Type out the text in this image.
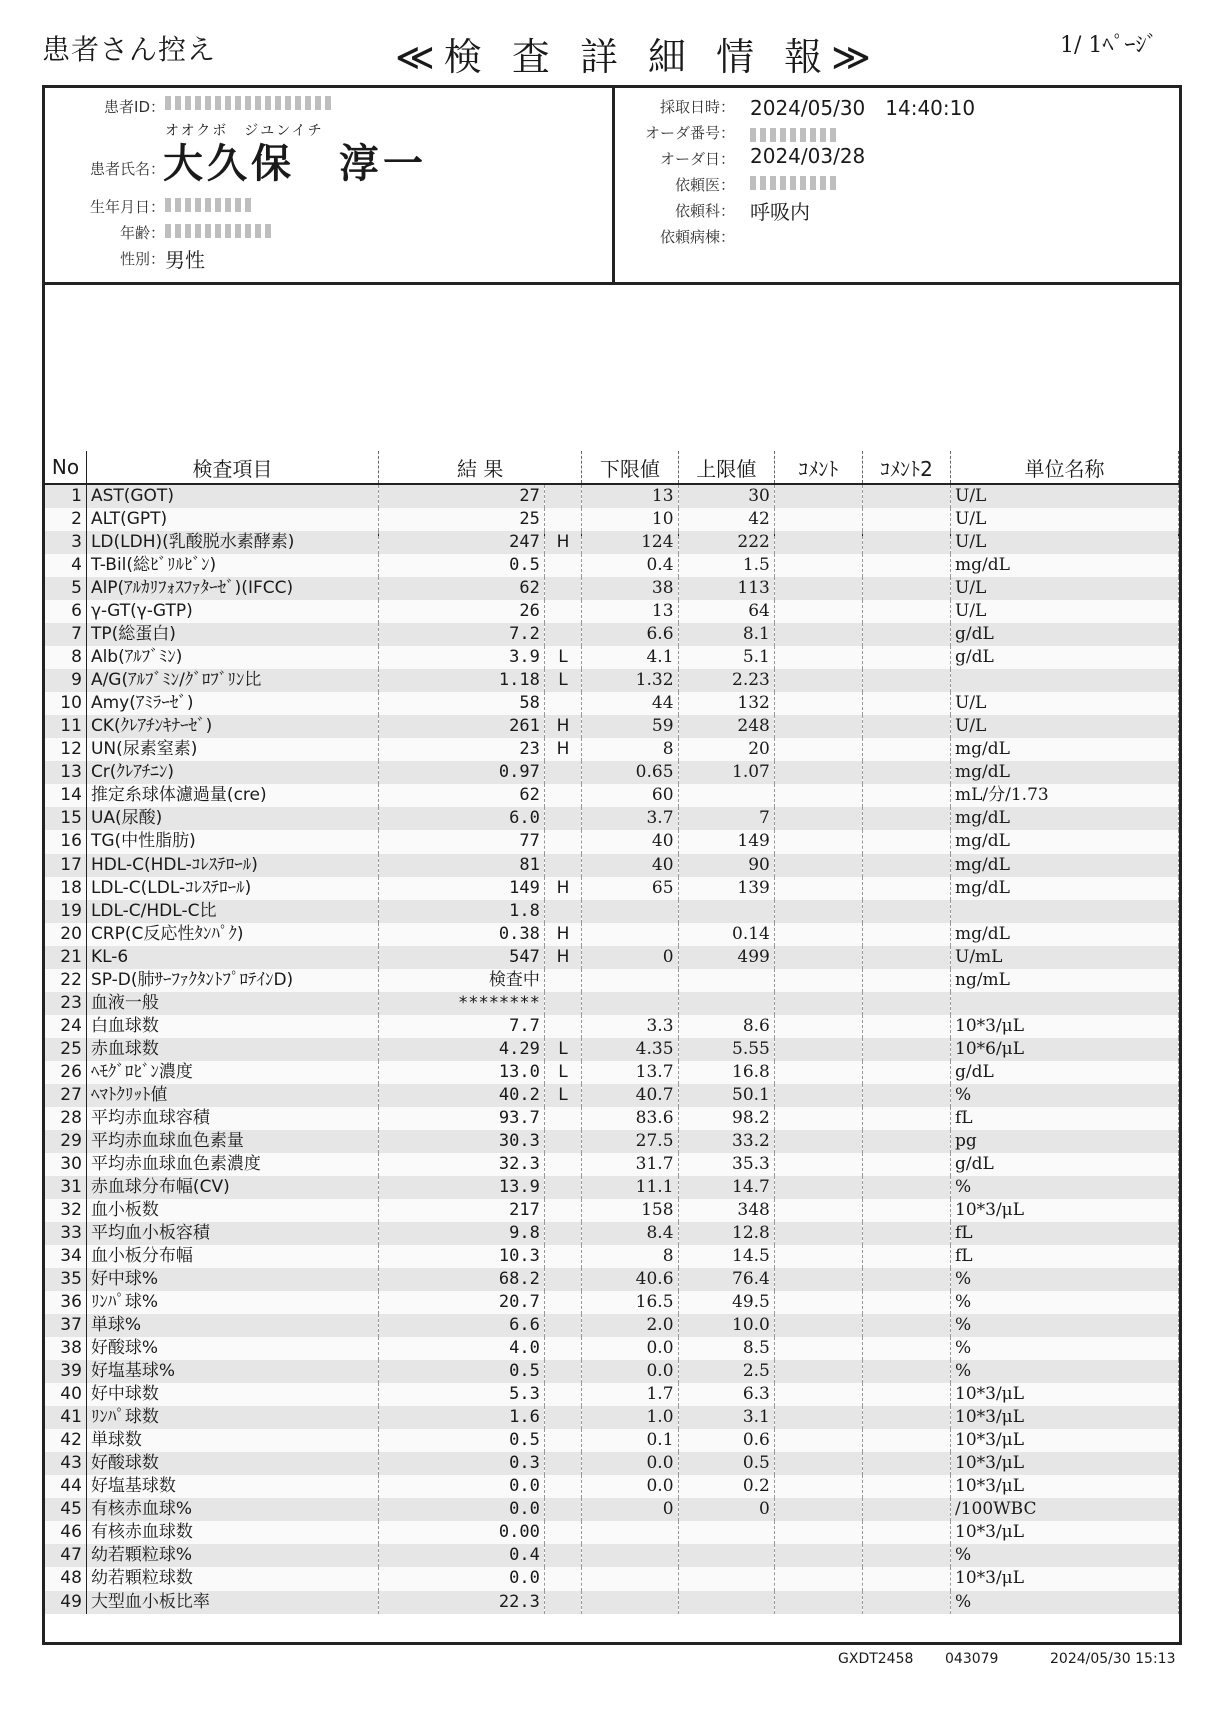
患者さん控え	≪検 査 詳 細 情 報≫	1/ 1ﾍﾟｰｼﾞ
患者ID：
オオクボ　ジユンイチ
患者氏名：
大久保　淳一
生年月日：
年齢：
性別： 男性
採取日時： 2024/05/30　14:40:10
オーダ番号：
オーダ日： 2024/03/28
依頼医：
依頼科： 呼吸内
依頼病棟：
No	検査項目	結 果		下限値	上限値	ｺﾒﾝﾄ	ｺﾒﾝﾄ2	単位名称
1	AST(GOT)	27		13	30			U/L
2	ALT(GPT)	25		10	42			U/L
3	LD(LDH)(乳酸脱水素酵素)	247	H	124	222			U/L
4	T-Bil(総ﾋﾞﾘﾙﾋﾞﾝ)	0.5		0.4	1.5			mg/dL
5	AlP(ｱﾙｶﾘﾌｫｽﾌｧﾀｰｾﾞ)(IFCC)	62		38	113			U/L
6	γ-GT(γ-GTP)	26		13	64			U/L
7	TP(総蛋白)	7.2		6.6	8.1			g/dL
8	Alb(ｱﾙﾌﾞﾐﾝ)	3.9	L	4.1	5.1			g/dL
9	A/G(ｱﾙﾌﾞﾐﾝ/ｸﾞﾛﾌﾞﾘﾝ比	1.18	L	1.32	2.23			
10	Amy(ｱﾐﾗｰｾﾞ)	58		44	132			U/L
11	CK(ｸﾚｱﾁﾝｷﾅｰｾﾞ)	261	H	59	248			U/L
12	UN(尿素窒素)	23	H	8	20			mg/dL
13	Cr(ｸﾚｱﾁﾆﾝ)	0.97		0.65	1.07			mg/dL
14	推定糸球体濾過量(cre)	62		60				mL/分/1.73
15	UA(尿酸)	6.0		3.7	7			mg/dL
16	TG(中性脂肪)	77		40	149			mg/dL
17	HDL-C(HDL-ｺﾚｽﾃﾛｰﾙ)	81		40	90			mg/dL
18	LDL-C(LDL-ｺﾚｽﾃﾛｰﾙ)	149	H	65	139			mg/dL
19	LDL-C/HDL-C比	1.8						
20	CRP(C反応性ﾀﾝﾊﾟｸ)	0.38	H		0.14			mg/dL
21	KL-6	547	H	0	499			U/mL
22	SP-D(肺ｻｰﾌｧｸﾀﾝﾄﾌﾟﾛﾃｲﾝD)	検査中						ng/mL
23	血液一般	********						
24	白血球数	7.7		3.3	8.6			10*3/μL
25	赤血球数	4.29	L	4.35	5.55			10*6/μL
26	ﾍﾓｸﾞﾛﾋﾞﾝ濃度	13.0	L	13.7	16.8			g/dL
27	ﾍﾏﾄｸﾘｯﾄ値	40.2	L	40.7	50.1			%
28	平均赤血球容積	93.7		83.6	98.2			fL
29	平均赤血球血色素量	30.3		27.5	33.2			pg
30	平均赤血球血色素濃度	32.3		31.7	35.3			g/dL
31	赤血球分布幅(CV)	13.9		11.1	14.7			%
32	血小板数	217		158	348			10*3/μL
33	平均血小板容積	9.8		8.4	12.8			fL
34	血小板分布幅	10.3		8	14.5			fL
35	好中球%	68.2		40.6	76.4			%
36	ﾘﾝﾊﾟ球%	20.7		16.5	49.5			%
37	単球%	6.6		2.0	10.0			%
38	好酸球%	4.0		0.0	8.5			%
39	好塩基球%	0.5		0.0	2.5			%
40	好中球数	5.3		1.7	6.3			10*3/μL
41	ﾘﾝﾊﾟ球数	1.6		1.0	3.1			10*3/μL
42	単球数	0.5		0.1	0.6			10*3/μL
43	好酸球数	0.3		0.0	0.5			10*3/μL
44	好塩基球数	0.0		0.0	0.2			10*3/μL
45	有核赤血球%	0.0		0	0			/100WBC
46	有核赤血球数	0.00						10*3/μL
47	幼若顆粒球%	0.4						%
48	幼若顆粒球数	0.0						10*3/μL
49	大型血小板比率	22.3						%
GXDT2458 043079	2024/05/30 15:13
